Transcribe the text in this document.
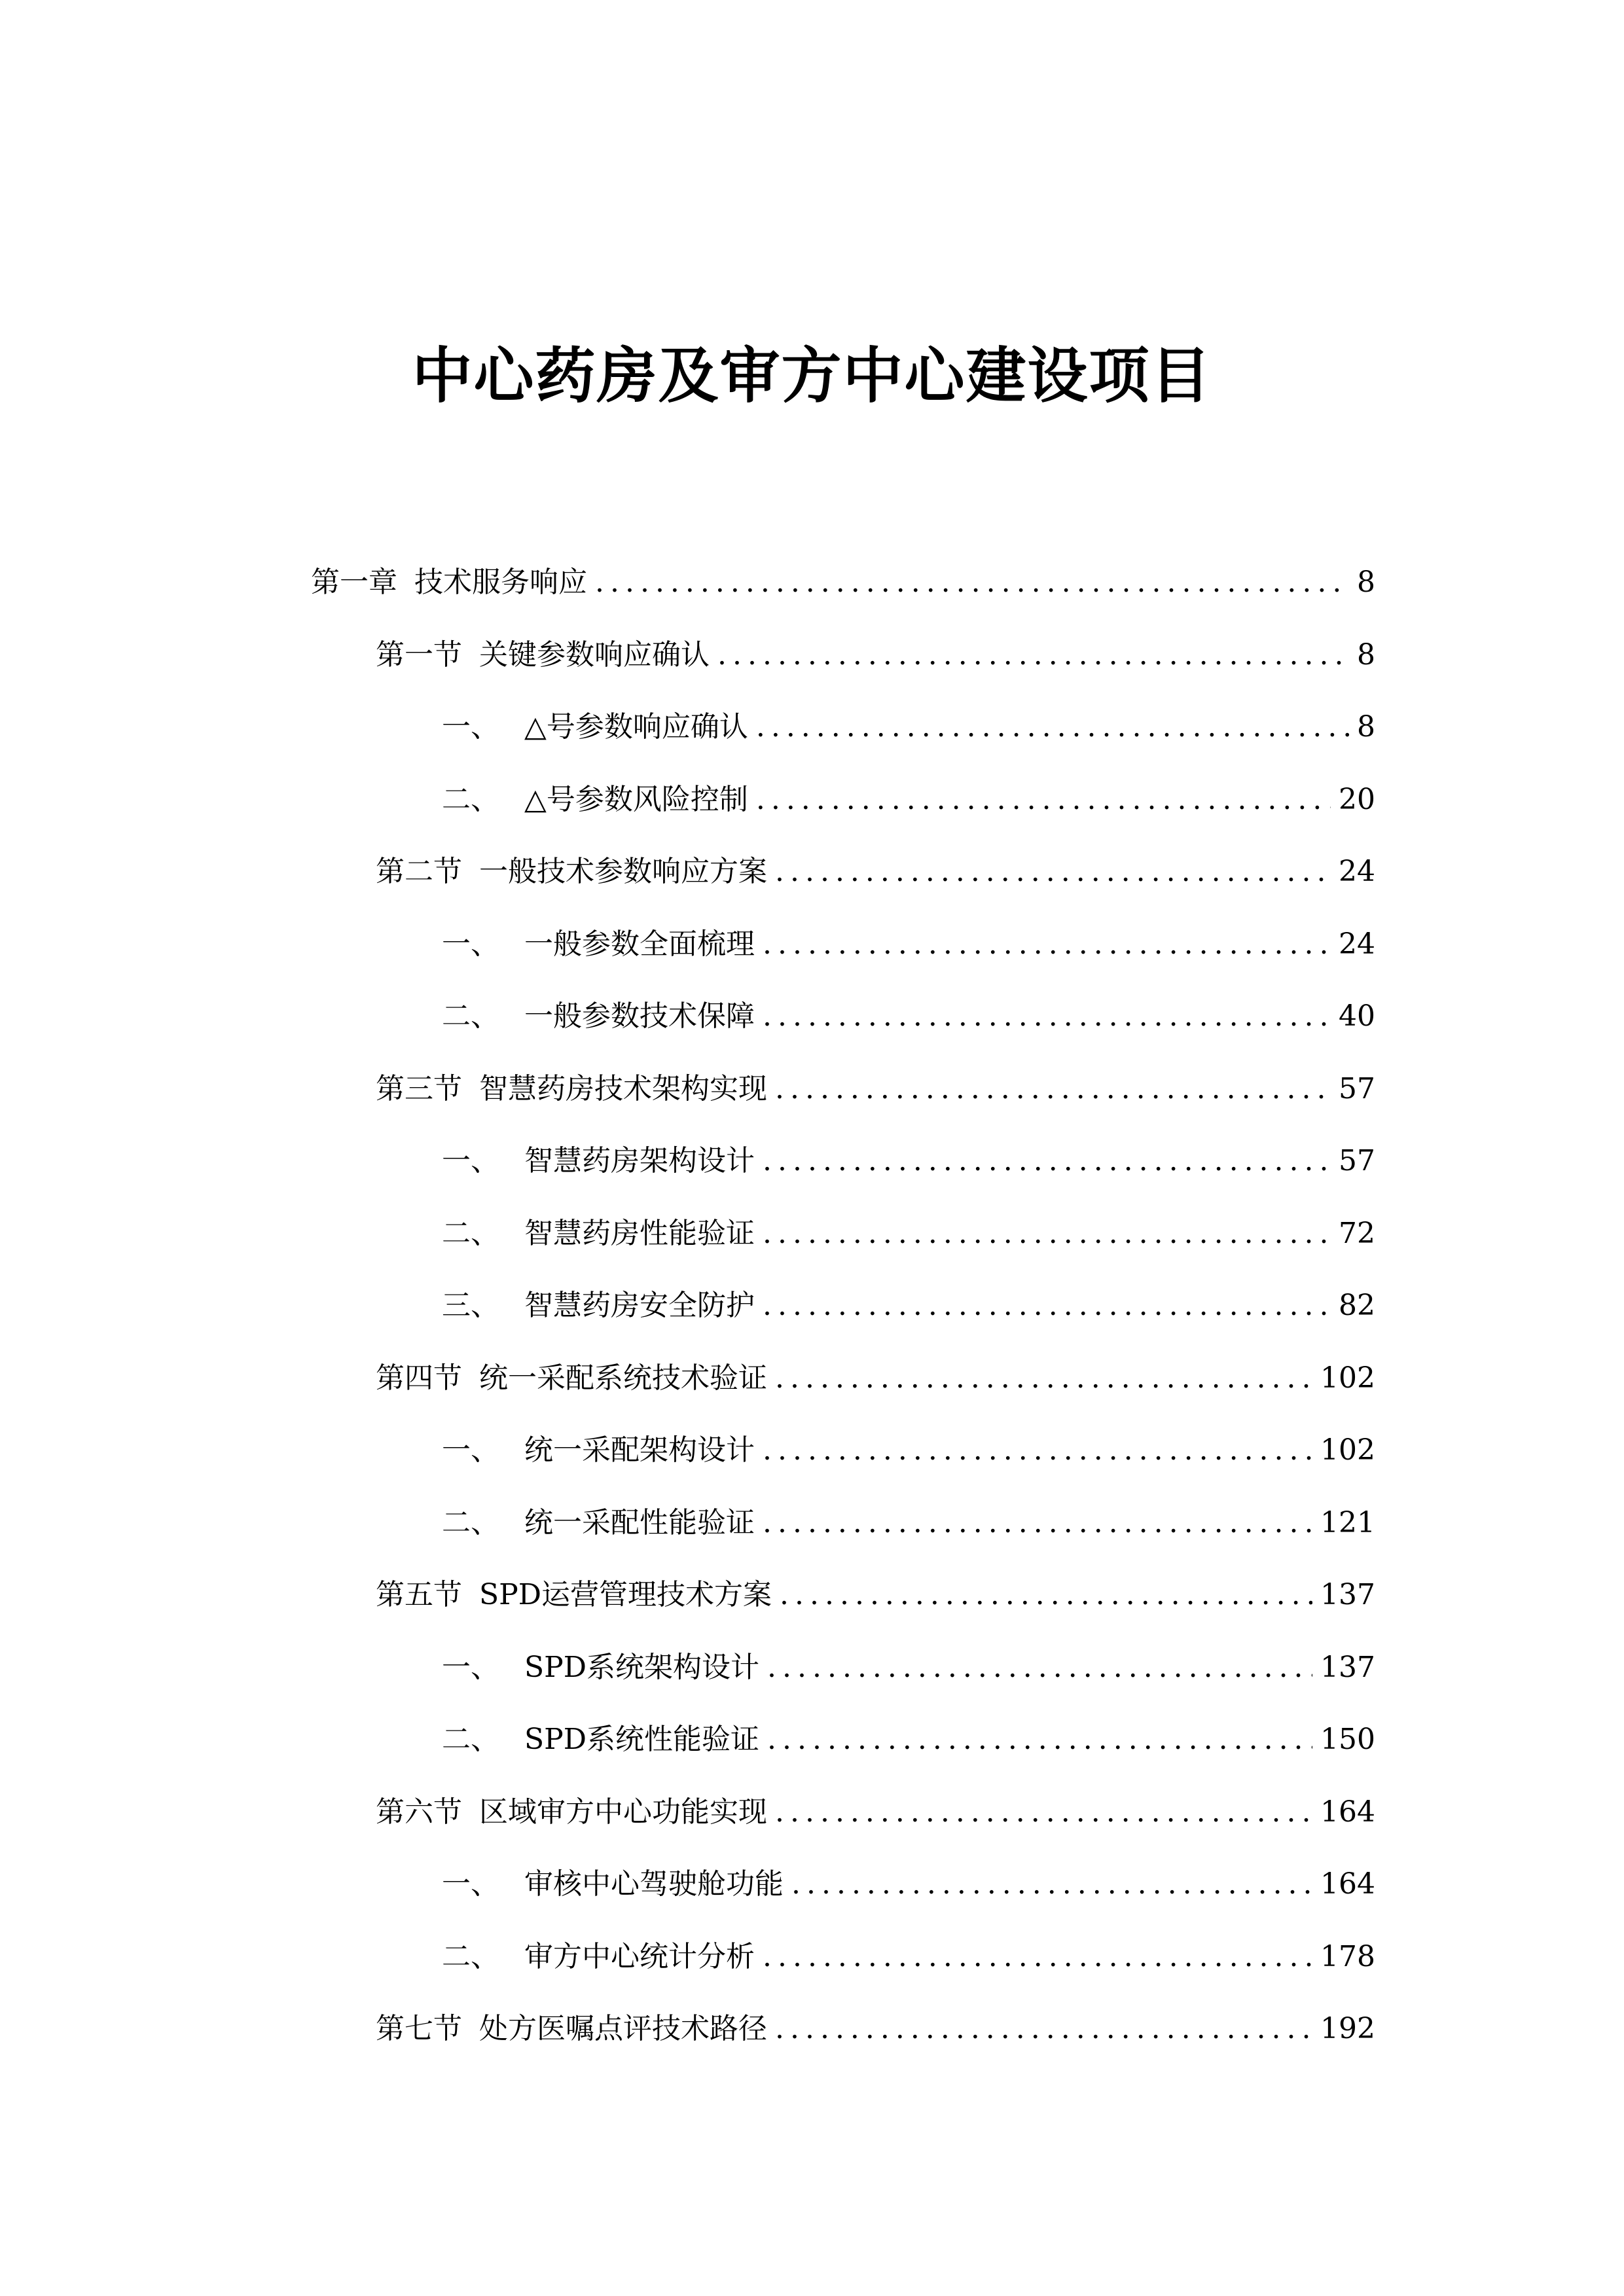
中心药房及审方中心建设项目
第一章 技术服务响应 .....	8
第一节 关键参数响应确认 .....	8
一、 △号参数响应确认 .....	8
二、 △号参数风险控制 .....	20
第二节 一般技术参数响应方案 .....	24
一、 一般参数全面梳理 .....	24
二、 一般参数技术保障 .....	40
第三节 智慧药房技术架构实现 .....	57
一、 智慧药房架构设计 .....	57
二、 智慧药房性能验证 .....	72
三、 智慧药房安全防护 .....	82
第四节 统一采配系统技术验证 .....	102
一、 统一采配架构设计 .....	102
二、 统一采配性能验证 .....	121
第五节 SPD运营管理技术方案 .....	137
一、 SPD系统架构设计 .....	137
二、 SPD系统性能验证 .....	150
第六节 区域审方中心功能实现 .....	164
一、 审核中心驾驶舱功能 .....	164
二、 审方中心统计分析 .....	178
第七节 处方医嘱点评技术路径 .....	192
